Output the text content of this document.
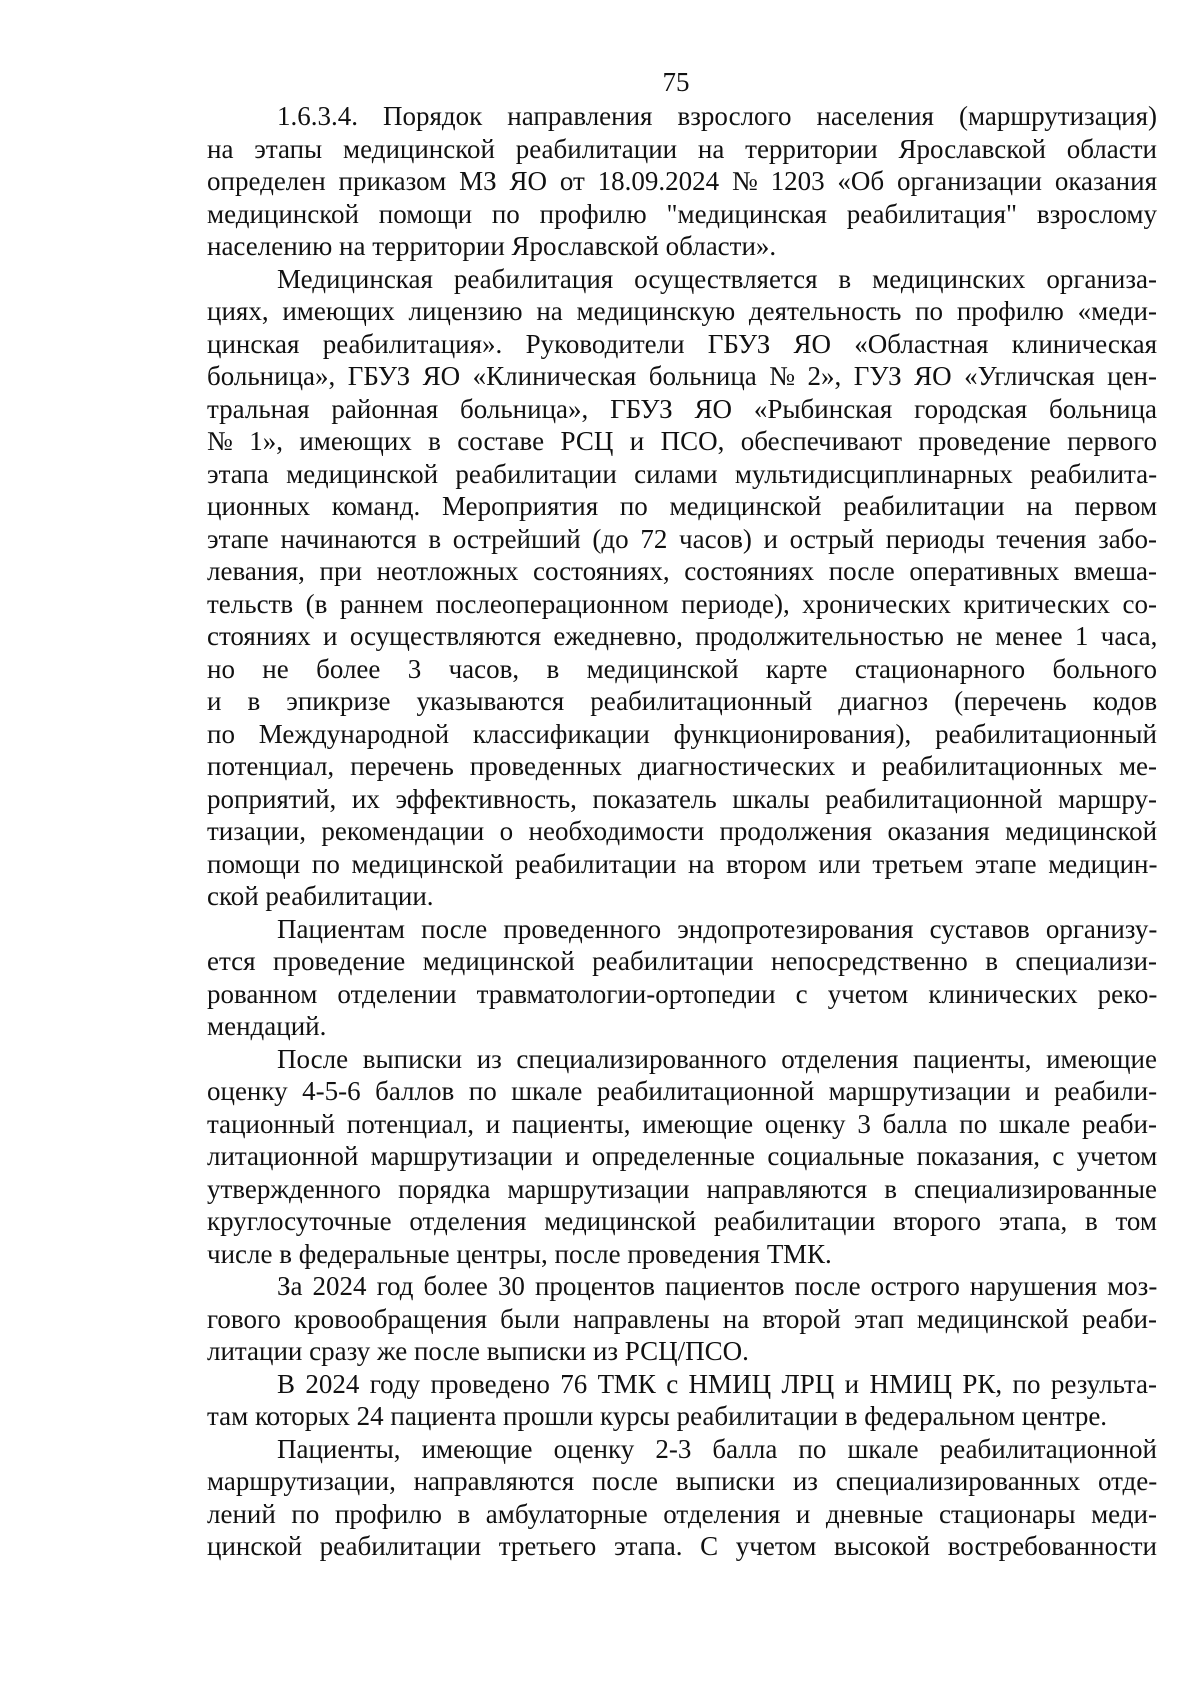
75
1.6.3.4. Порядок направления взрослого населения (маршрутизация)
на этапы медицинской реабилитации на территории Ярославской области
определен приказом МЗ ЯО от 18.09.2024 № 1203 «Об организации оказания
медицинской помощи по профилю "медицинская реабилитация" взрослому
населению на территории Ярославской области».
Медицинская реабилитация осуществляется в медицинских организа-
циях, имеющих лицензию на медицинскую деятельность по профилю «меди-
цинская реабилитация». Руководители ГБУЗ ЯО «Областная клиническая
больница», ГБУЗ ЯО «Клиническая больница № 2», ГУЗ ЯО «Угличская цен-
тральная районная больница», ГБУЗ ЯО «Рыбинская городская больница
№ 1», имеющих в составе РСЦ и ПСО, обеспечивают проведение первого
этапа медицинской реабилитации силами мультидисциплинарных реабилита-
ционных команд. Мероприятия по медицинской реабилитации на первом
этапе начинаются в острейший (до 72 часов) и острый периоды течения забо-
левания, при неотложных состояниях, состояниях после оперативных вмеша-
тельств (в раннем послеоперационном периоде), хронических критических со-
стояниях и осуществляются ежедневно, продолжительностью не менее 1 часа,
но не более 3 часов, в медицинской карте стационарного больного
и в эпикризе указываются реабилитационный диагноз (перечень кодов
по Международной классификации функционирования), реабилитационный
потенциал, перечень проведенных диагностических и реабилитационных ме-
роприятий, их эффективность, показатель шкалы реабилитационной маршру-
тизации, рекомендации о необходимости продолжения оказания медицинской
помощи по медицинской реабилитации на втором или третьем этапе медицин-
ской реабилитации.
Пациентам после проведенного эндопротезирования суставов организу-
ется проведение медицинской реабилитации непосредственно в специализи-
рованном отделении травматологии-ортопедии с учетом клинических реко-
мендаций.
После выписки из специализированного отделения пациенты, имеющие
оценку 4-5-6 баллов по шкале реабилитационной маршрутизации и реабили-
тационный потенциал, и пациенты, имеющие оценку 3 балла по шкале реаби-
литационной маршрутизации и определенные социальные показания, с учетом
утвержденного порядка маршрутизации направляются в специализированные
круглосуточные отделения медицинской реабилитации второго этапа, в том
числе в федеральные центры, после проведения ТМК.
За 2024 год более 30 процентов пациентов после острого нарушения моз-
гового кровообращения были направлены на второй этап медицинской реаби-
литации сразу же после выписки из РСЦ/ПСО.
В 2024 году проведено 76 ТМК с НМИЦ ЛРЦ и НМИЦ РК, по результа-
там которых 24 пациента прошли курсы реабилитации в федеральном центре.
Пациенты, имеющие оценку 2-3 балла по шкале реабилитационной
маршрутизации, направляются после выписки из специализированных отде-
лений по профилю в амбулаторные отделения и дневные стационары меди-
цинской реабилитации третьего этапа. С учетом высокой востребованности
